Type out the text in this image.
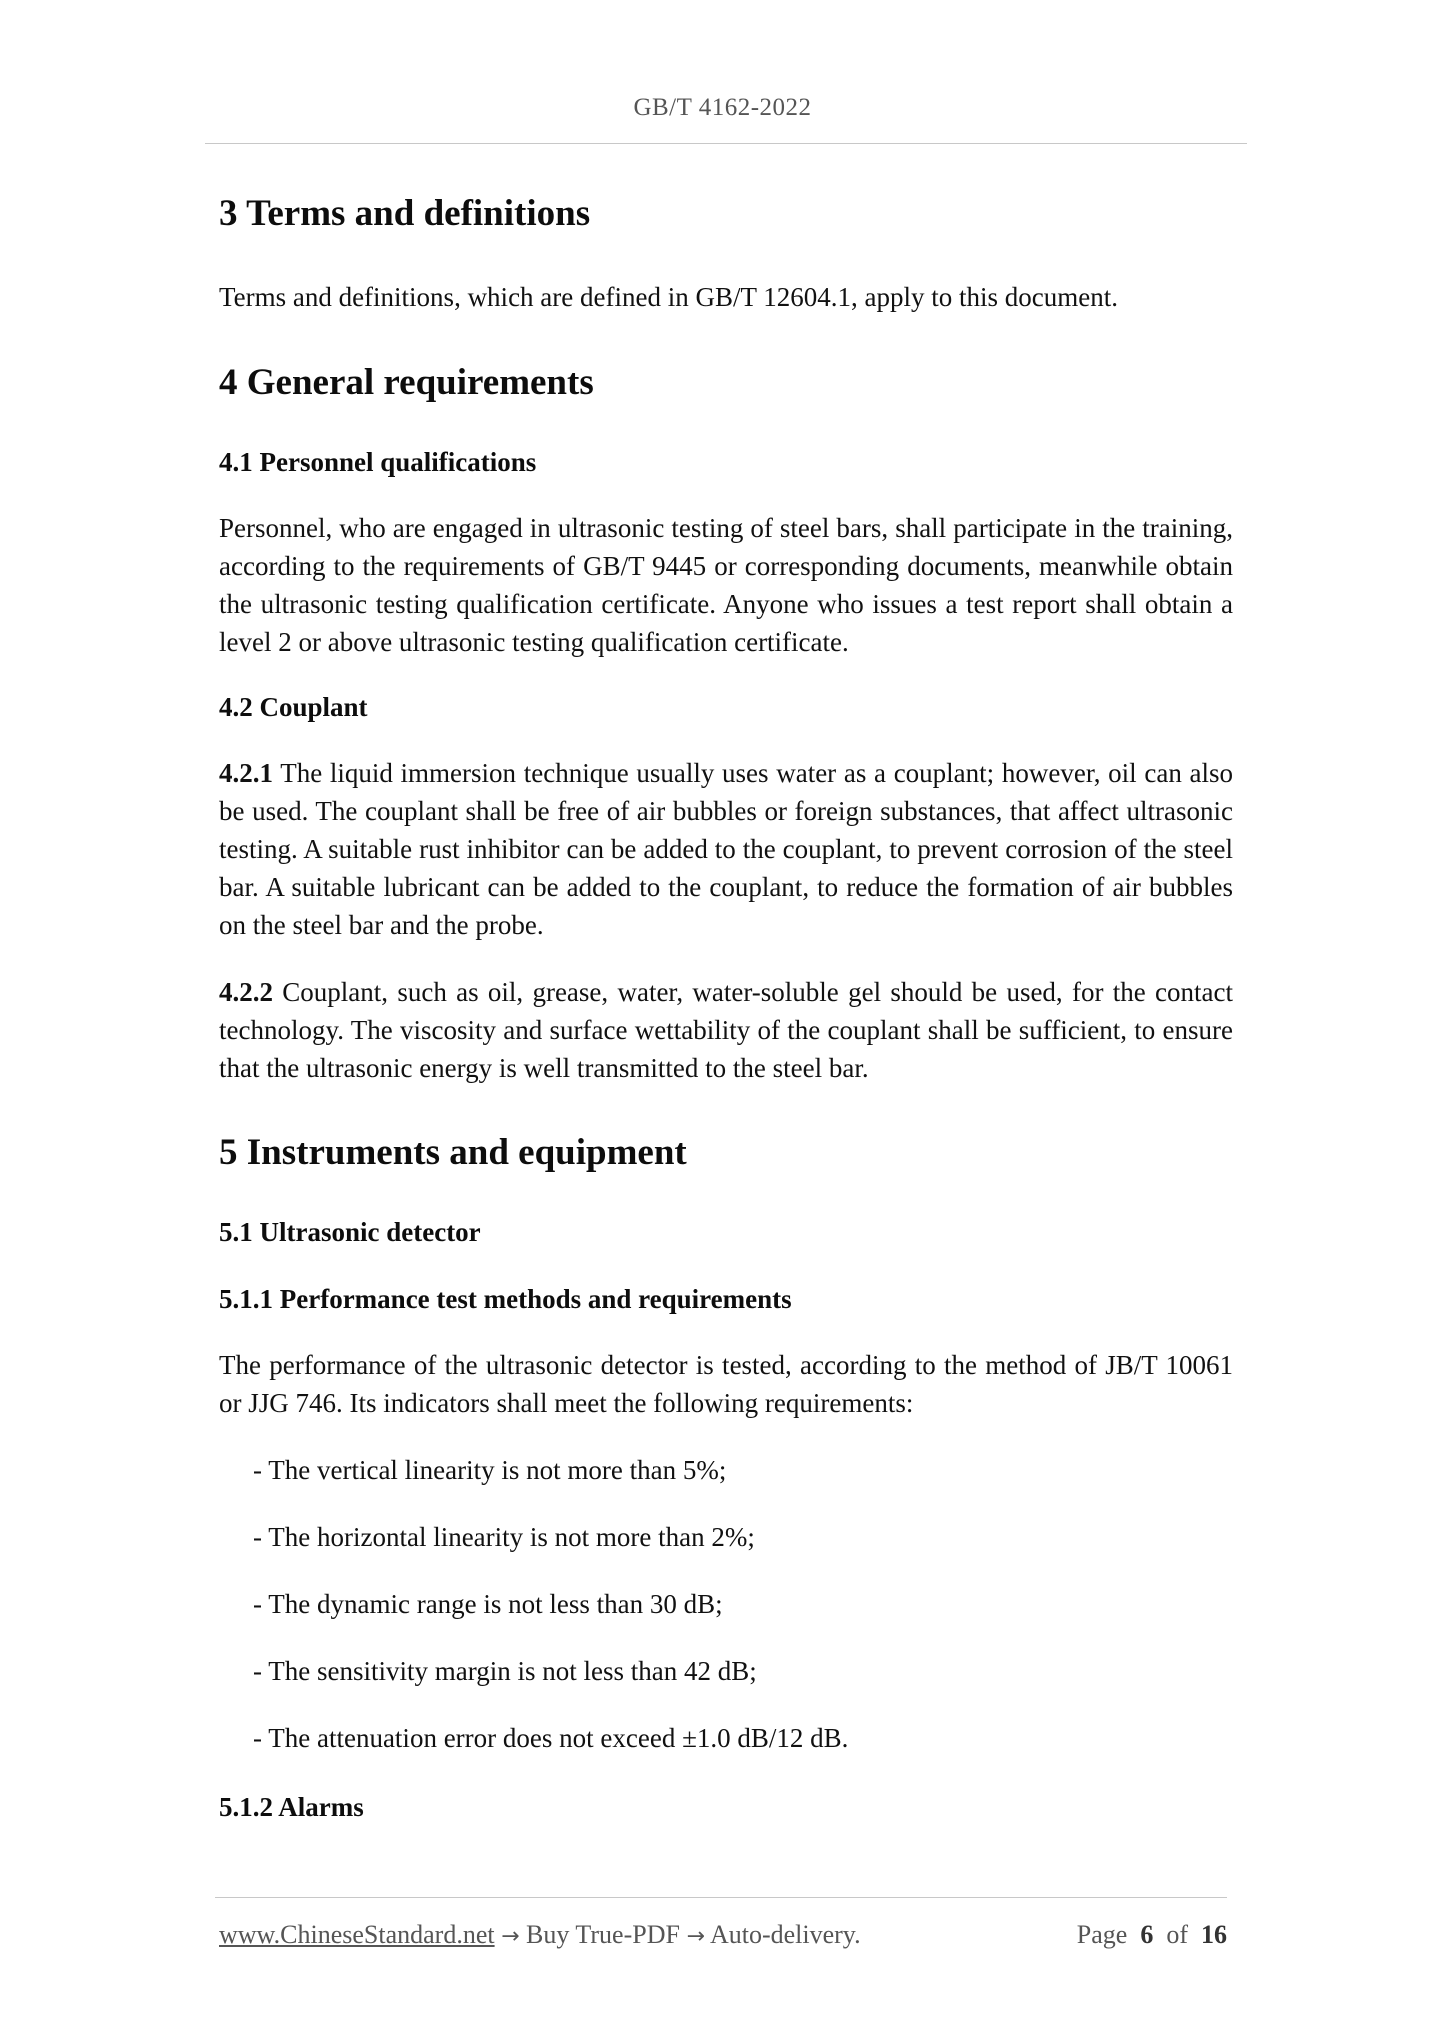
GB/T 4162-2022
3 Terms and definitions

Terms and definitions, which are defined in GB/T 12604.1, apply to this document.

4 General requirements
4.1 Personnel qualifications

Personnel, who are engaged in ultrasonic testing of steel bars, shall participate in the training, according to the requirements of GB/T 9445 or corresponding documents, meanwhile obtain the ultrasonic testing qualification certificate. Anyone who issues a test report shall obtain a level 2 or above ultrasonic testing qualification certificate.

4.2 Couplant

4.2.1 The liquid immersion technique usually uses water as a couplant; however, oil can also be used. The couplant shall be free of air bubbles or foreign substances, that affect ultrasonic testing. A suitable rust inhibitor can be added to the couplant, to prevent corrosion of the steel bar. A suitable lubricant can be added to the couplant, to reduce the formation of air bubbles on the steel bar and the probe.

4.2.2 Couplant, such as oil, grease, water, water-soluble gel should be used, for the contact technology. The viscosity and surface wettability of the couplant shall be sufficient, to ensure that the ultrasonic energy is well transmitted to the steel bar.

5 Instruments and equipment
5.1 Ultrasonic detector
5.1.1 Performance test methods and requirements

The performance of the ultrasonic detector is tested, according to the method of JB/T 10061 or JJG 746. Its indicators shall meet the following requirements:

- The vertical linearity is not more than 5%;
- The horizontal linearity is not more than 2%;
- The dynamic range is not less than 30 dB;
- The sensitivity margin is not less than 42 dB;
- The attenuation error does not exceed ±1.0 dB/12 dB.
5.1.2 Alarms
www.ChineseStandard.net → Buy True-PDF → Auto-delivery.	Page 6 of 16
